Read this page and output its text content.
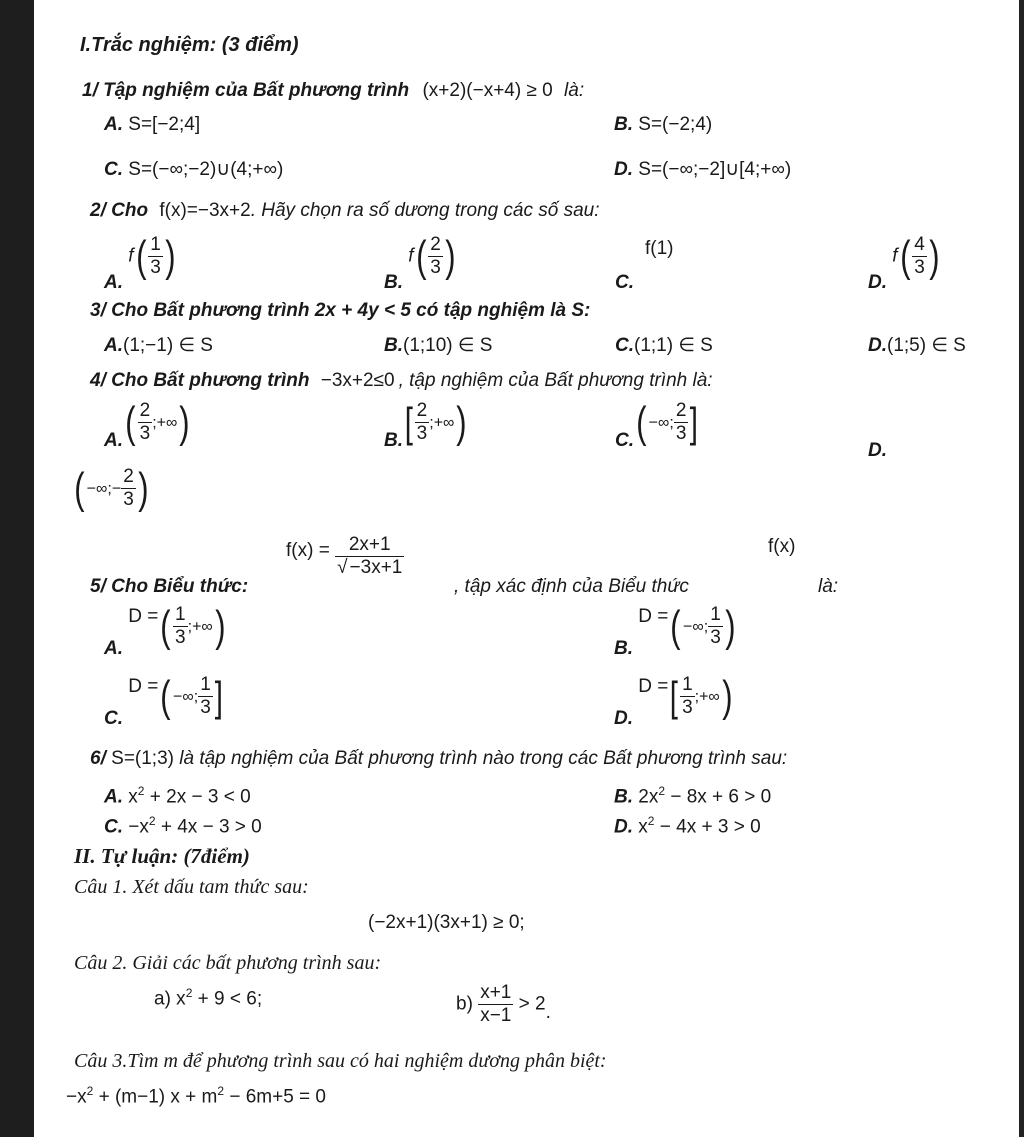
I.Trắc nghiệm: (3 điểm)
1/ Tập nghiệm của Bất phương trình (x+2)(−x+4) ≥ 0 là:
A. S=[−2;4]	B. S=(−2;4)
C. S=(−∞;−2)∪(4;+∞)	D. S=(−∞;−2]∪[4;+∞)
2/ Cho f(x)=−3x+2. Hãy chọn ra số dương trong các số sau:
A. $f( \frac{1}{3}$ )
B. $f( \frac{2}{3}$ )
C.
f(1)
D. $f( \frac{4}{3}$ )
3/ Cho Bất phương trình 2x + 4y < 5 có tập nghiệm là S:
A.(1;−1) ∈ S	B.(1;10) ∈ S	C.(1;1) ∈ S	D.(1;5) ∈ S
4/ Cho Bất phương trình −3x+2≤0 , tập nghiệm của Bất phương trình là:
$A.( \frac{2}{3}$ ;+∞)	$B.[ \frac{2}{3}$ ;+∞)	C.( −∞; $\frac{2}{3}$ ]
D.
( −∞;− $\frac{2}{3}$ )
f(x)
5/ Cho Biểu thức:
$f(x) = \frac{2x+1}{√ -3x+1}$
, tập xác định của Biểu thức	là:
A. D =( $\frac{1}{3}$ ;+∞)	B. D =( −∞; $\frac{1}{3}$ )
C. D =( −∞; $\frac{1}{3}$ ]	D. D =[ $\frac{1}{3}$ ;+∞)
6/ S=(1;3) là tập nghiệm của Bất phương trình nào trong các Bất phương trình sau:
A. $x^2 + 2x - 3 < 0$	B. $2x^2 - 8x + 6 > 0$
C. $-x^2 + 4x - 3 > 0$	D. $x^2 - 4x + 3 > 0$
II. Tự luận: (7điểm)
Câu 1. Xét dấu tam thức sau:
(−2x+1)(3x+1) ≥ 0;
Câu 2. Giải các bất phương trình sau:
a) $x^2 + 9 < 6$;	$b) \frac{x+1}{x-1} > 2$.
Câu 3.Tìm m để phương trình sau có hai nghiệm dương phân biệt:
$-x^2 + (m-1) x + m^2 - 6m+5 = 0$
